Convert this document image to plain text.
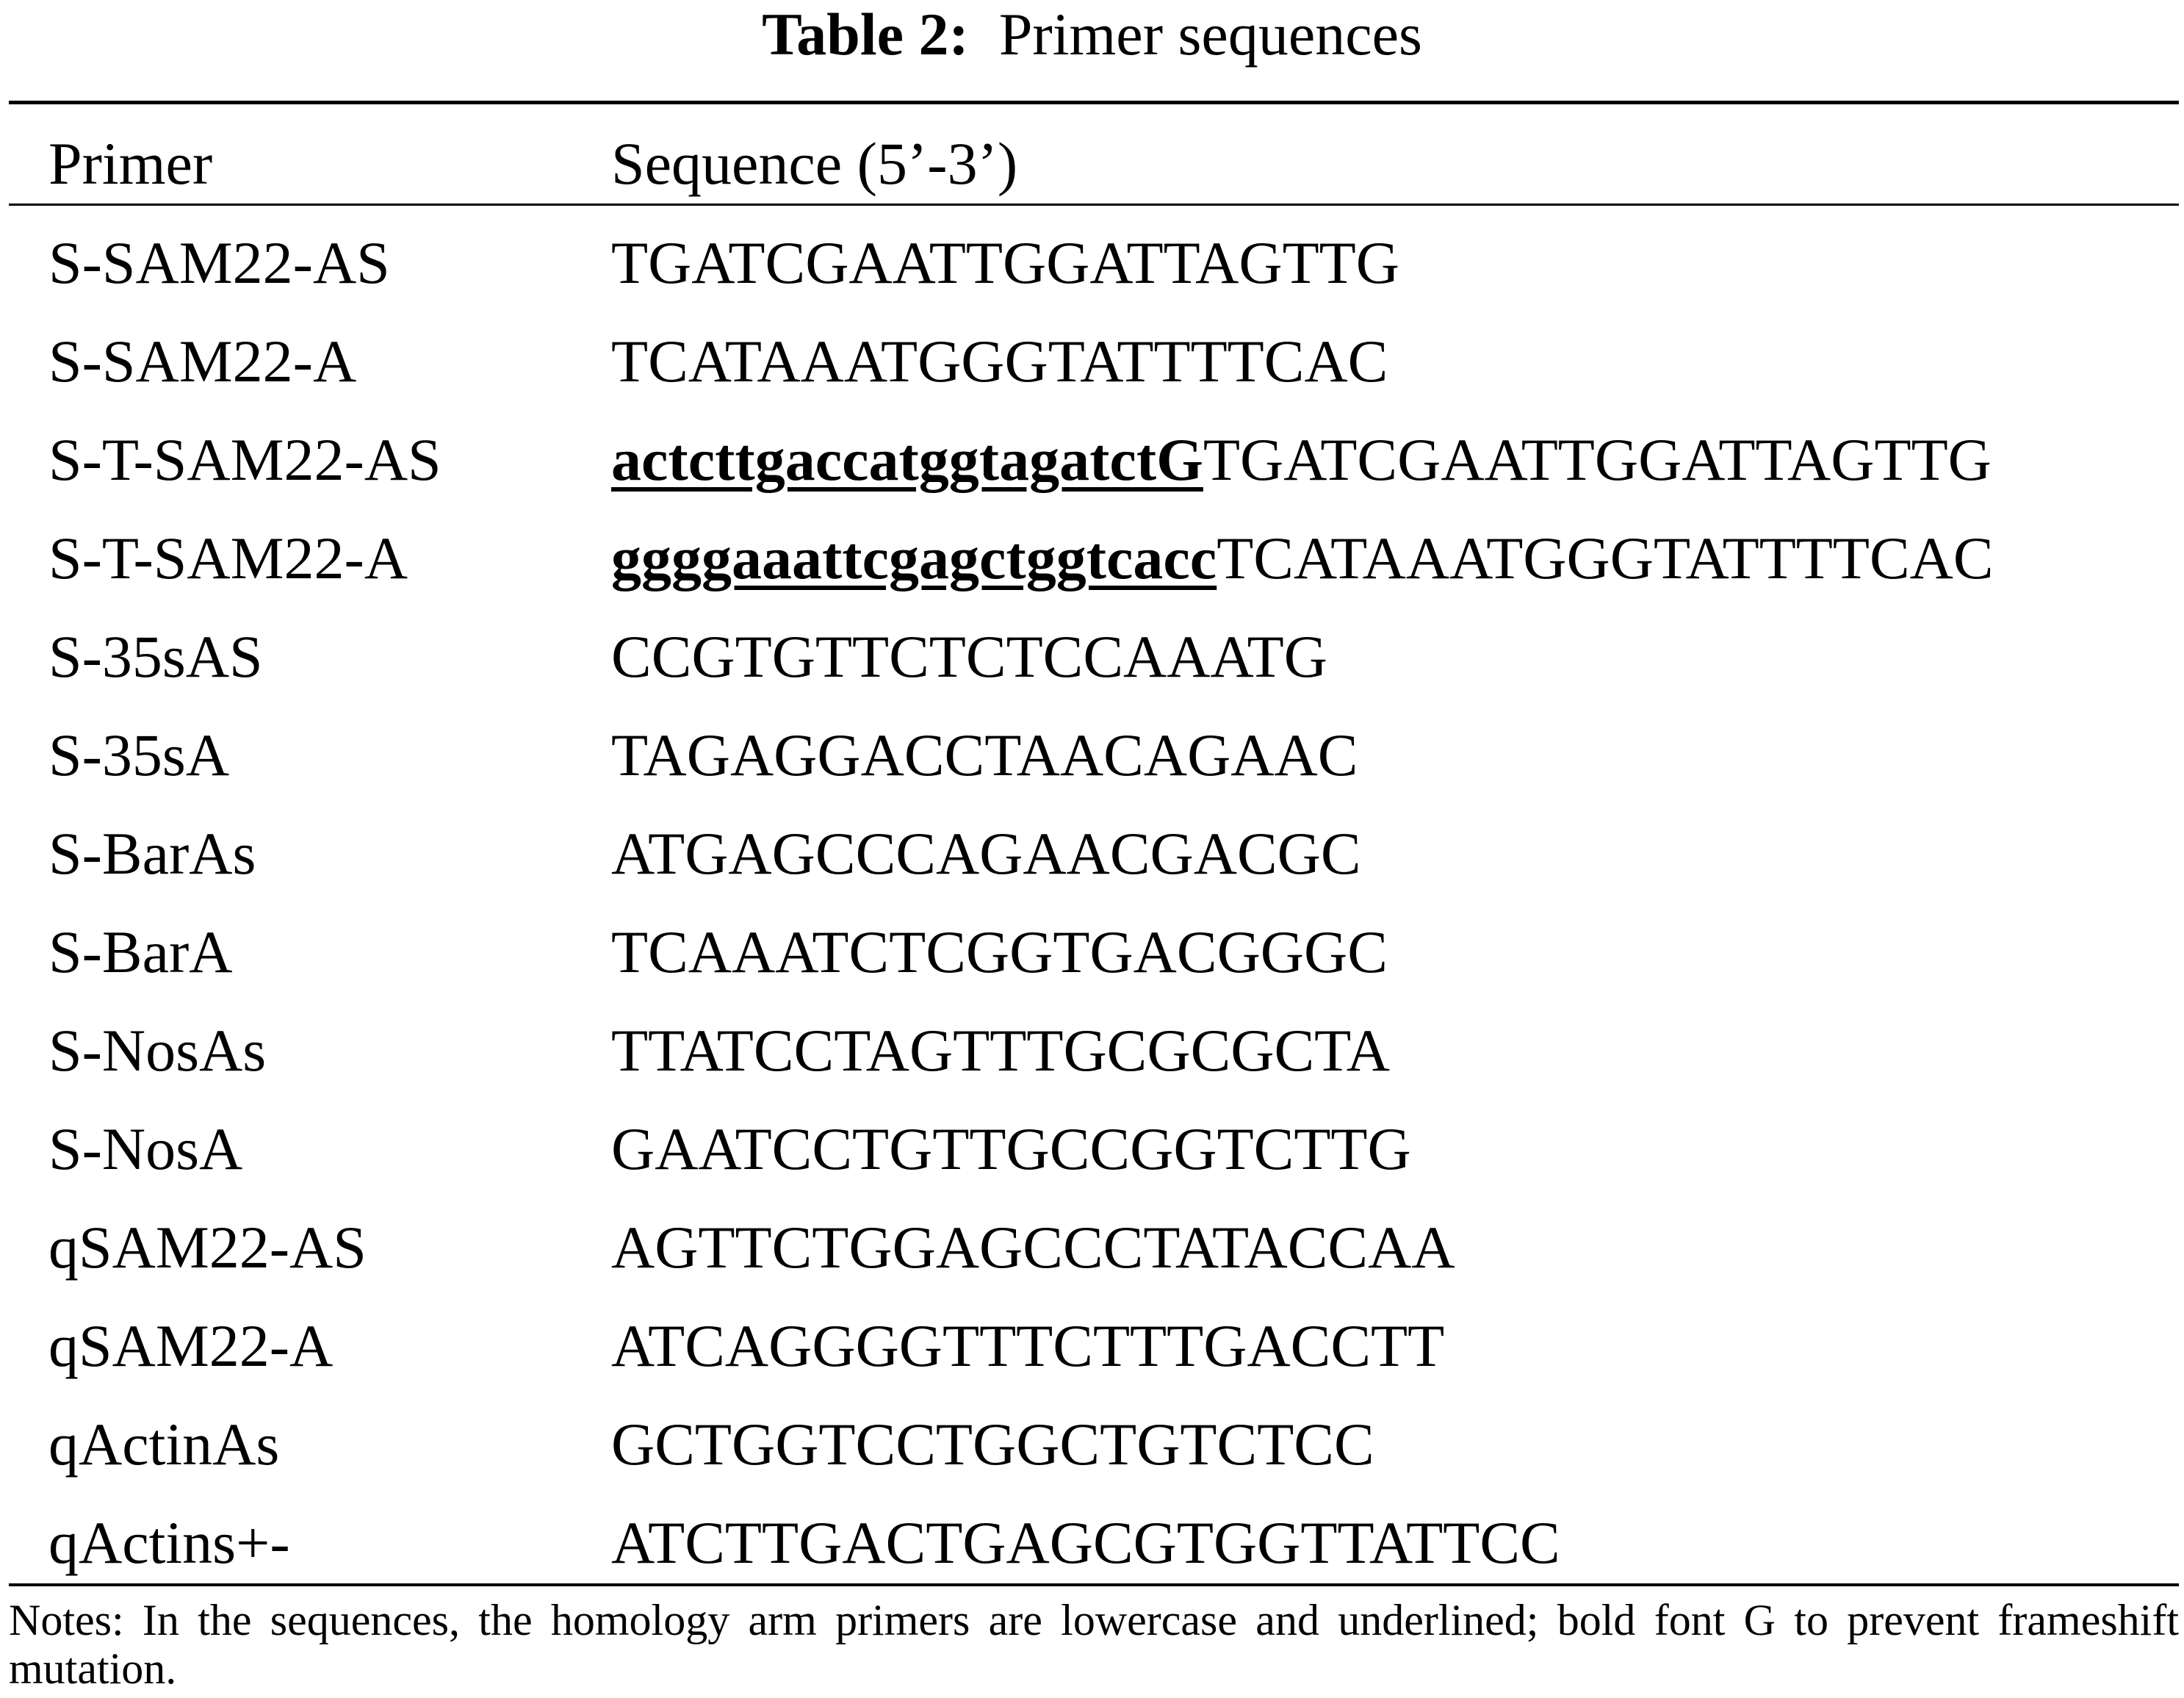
Table 2: Primer sequences
Primer	Sequence (5’-3’)
S-SAM22-AS	TGATCGAATTGGATTAGTTG
S-SAM22-A	TCATAAATGGGTATTTTCAC
S-T-SAM22-AS	actcttgaccatggtagatctGTGATCGAATTGGATTAGTTG
S-T-SAM22-A	ggggaaattcgagctggtcaccTCATAAATGGGTATTTTCAC
S-35sAS	CCGTGTTCTCTCCAAATG
S-35sA	TAGAGGACCTAACAGAAC
S-BarAs	ATGAGCCCAGAACGACGC
S-BarA	TCAAATCTCGGTGACGGGC
S-NosAs	TTATCCTAGTTTGCGCGCTA
S-NosA	GAATCCTGTTGCCGGTCTTG
qSAM22-AS	AGTTCTGGAGCCCTATACCAA
qSAM22-A	ATCAGGGGTTTCTTTGACCTT
qActinAs	GCTGGTCCTGGCTGTCTCC
qActins+-	ATCTTGACTGAGCGTGGTTATTCC
Notes: In the sequences, the homology arm primers are lowercase and underlined; bold font G to prevent frameshift mutation.
